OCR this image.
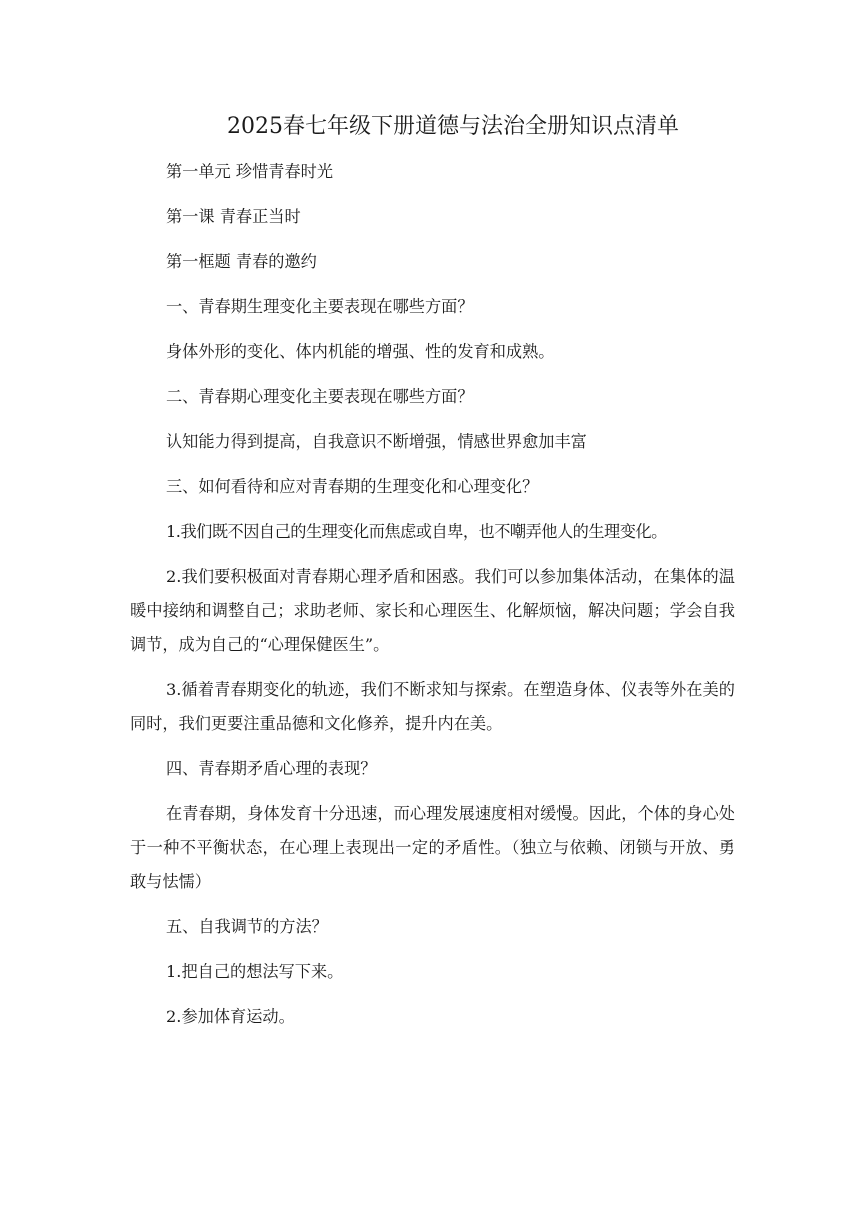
2025春七年级下册道德与法治全册知识点清单

第一单元 珍惜青春时光

第一课 青春正当时

第一框题 青春的邀约

一、青春期生理变化主要表现在哪些方面？

身体外形的变化、体内机能的增强、性的发育和成熟。

二、青春期心理变化主要表现在哪些方面？

认知能力得到提高，自我意识不断增强，情感世界愈加丰富

三、如何看待和应对青春期的生理变化和心理变化？

1.我们既不因自己的生理变化而焦虑或自卑，也不嘲弄他人的生理变化。

2.我们要积极面对青春期心理矛盾和困惑。我们可以参加集体活动，在集体的温暖中接纳和调整自己；求助老师、家长和心理医生、化解烦恼，解决问题；学会自我调节，成为自己的“心理保健医生”。

3.循着青春期变化的轨迹，我们不断求知与探索。在塑造身体、仪表等外在美的同时，我们更要注重品德和文化修养，提升内在美。

四、青春期矛盾心理的表现？

在青春期，身体发育十分迅速，而心理发展速度相对缓慢。因此，个体的身心处于一种不平衡状态，在心理上表现出一定的矛盾性。（独立与依赖、闭锁与开放、勇敢与怯懦）

五、自我调节的方法？

1.把自己的想法写下来。

2.参加体育运动。
